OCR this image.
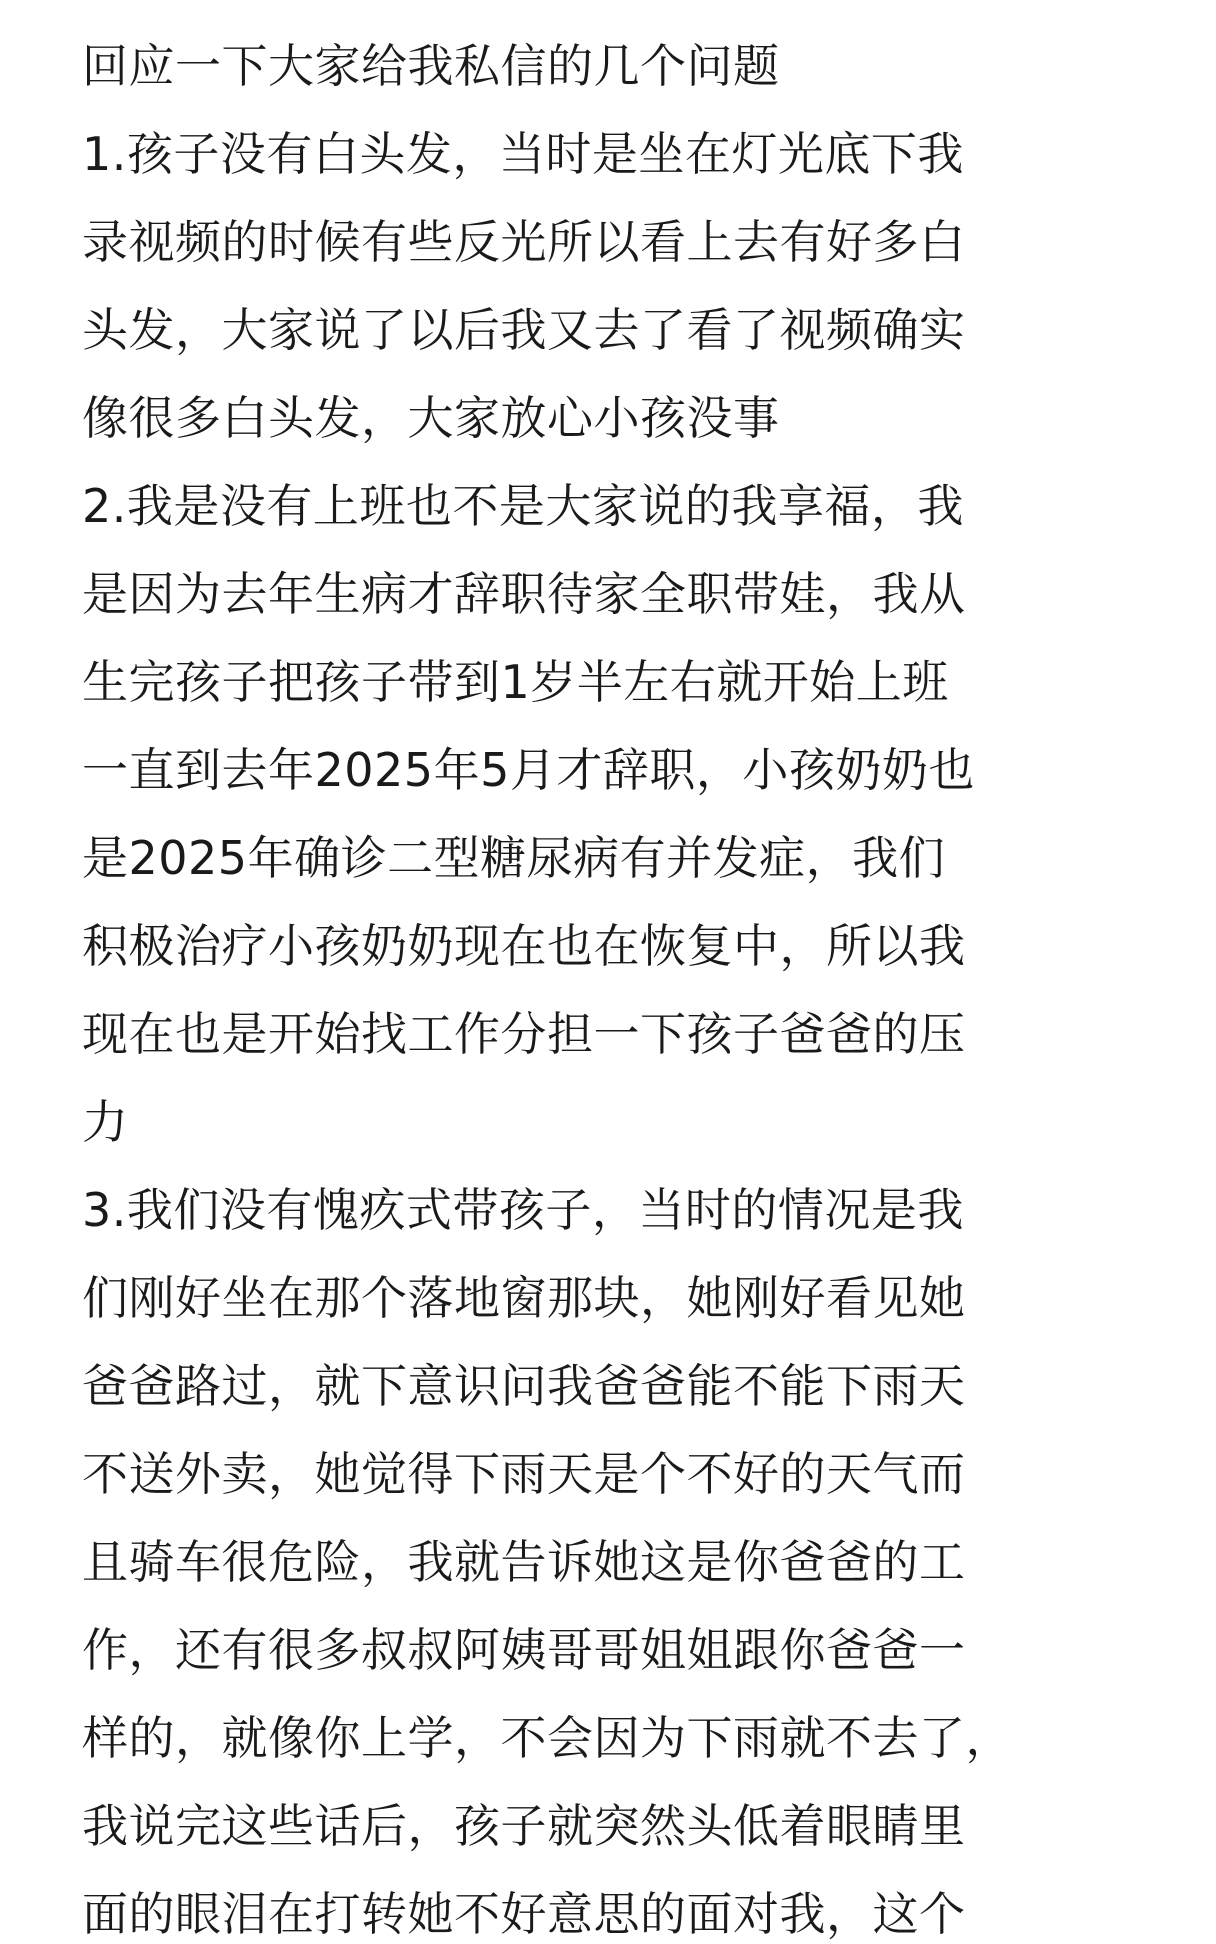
回应一下大家给我私信的几个问题
1.孩子没有白头发，当时是坐在灯光底下我
录视频的时候有些反光所以看上去有好多白
头发，大家说了以后我又去了看了视频确实
像很多白头发，大家放心小孩没事
2.我是没有上班也不是大家说的我享福，我
是因为去年生病才辞职待家全职带娃，我从
生完孩子把孩子带到1岁半左右就开始上班
一直到去年2025年5月才辞职，小孩奶奶也
是2025年确诊二型糖尿病有并发症，我们
积极治疗小孩奶奶现在也在恢复中，所以我
现在也是开始找工作分担一下孩子爸爸的压
力
3.我们没有愧疚式带孩子，当时的情况是我
们刚好坐在那个落地窗那块，她刚好看见她
爸爸路过，就下意识问我爸爸能不能下雨天
不送外卖，她觉得下雨天是个不好的天气而
且骑车很危险，我就告诉她这是你爸爸的工
作，还有很多叔叔阿姨哥哥姐姐跟你爸爸一
样的，就像你上学，不会因为下雨就不去了，
我说完这些话后，孩子就突然头低着眼睛里
面的眼泪在打转她不好意思的面对我，这个
